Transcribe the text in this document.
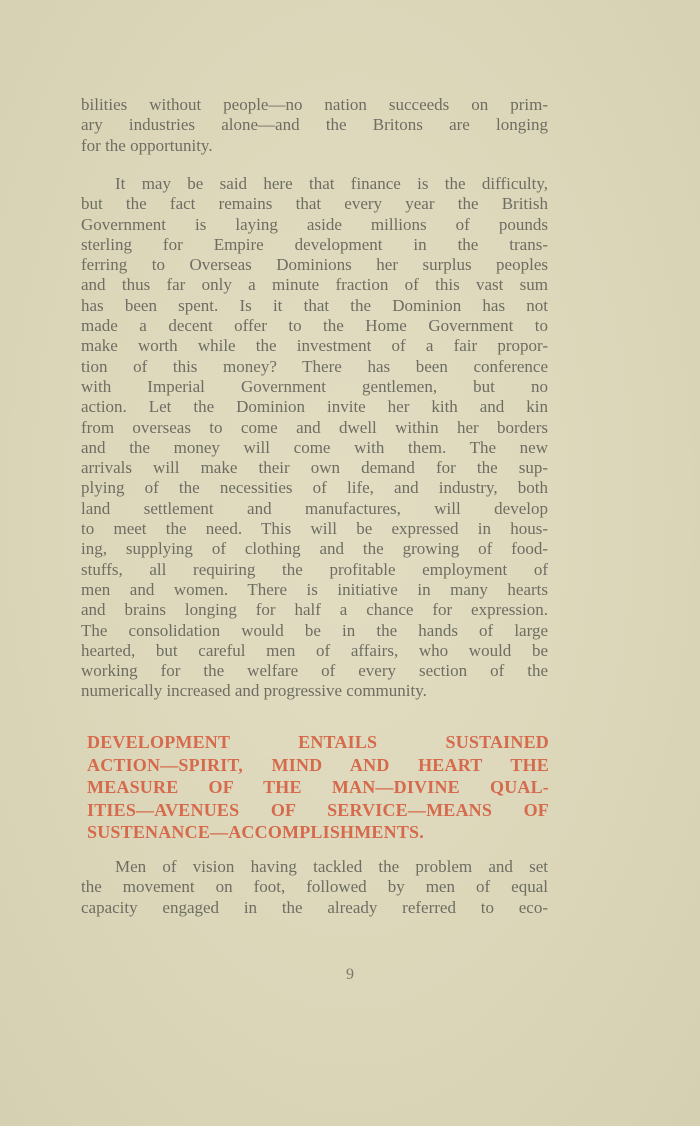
bilities without people—no nation succeeds on prim-
ary industries alone—and the Britons are longing
for the opportunity.
It may be said here that finance is the difficulty,
but the fact remains that every year the British
Government is laying aside millions of pounds
sterling for Empire development in the trans-
ferring to Overseas Dominions her surplus peoples
and thus far only a minute fraction of this vast sum
has been spent. Is it that the Dominion has not
made a decent offer to the Home Government to
make worth while the investment of a fair propor-
tion of this money? There has been conference
with Imperial Government gentlemen, but no
action. Let the Dominion invite her kith and kin
from overseas to come and dwell within her borders
and the money will come with them. The new
arrivals will make their own demand for the sup-
plying of the necessities of life, and industry, both
land settlement and manufactures, will develop
to meet the need. This will be expressed in hous-
ing, supplying of clothing and the growing of food-
stuffs, all requiring the profitable employment of
men and women. There is initiative in many hearts
and brains longing for half a chance for expression.
The consolidation would be in the hands of large
hearted, but careful men of affairs, who would be
working for the welfare of every section of the
numerically increased and progressive community.
DEVELOPMENT ENTAILS SUSTAINED
ACTION—SPIRIT, MIND AND HEART THE
MEASURE OF THE MAN—DIVINE QUAL-
ITIES—AVENUES OF SERVICE—MEANS OF
SUSTENANCE—ACCOMPLISHMENTS.
Men of vision having tackled the problem and set
the movement on foot, followed by men of equal
capacity engaged in the already referred to eco-
9
